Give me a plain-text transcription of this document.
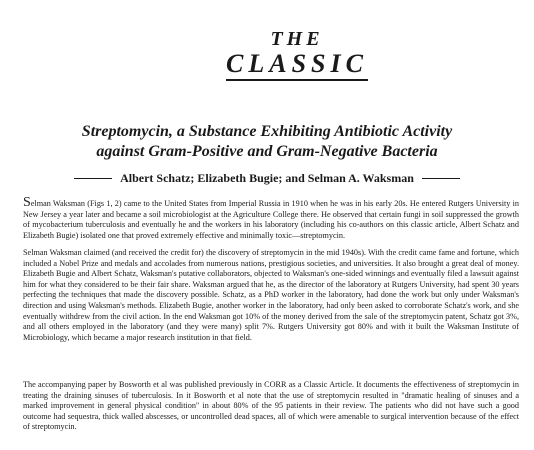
THE
CLASSIC
Streptomycin, a Substance Exhibiting Antibiotic Activity
against Gram-Positive and Gram-Negative Bacteria
Albert Schatz; Elizabeth Bugie; and Selman A. Waksman

Selman Waksman (Figs 1, 2) came to the United States from Imperial Russia in 1910 when he was in his early 20s. He entered Rutgers University in New Jersey a year later and became a soil microbiologist at the Agriculture College there. He observed that certain fungi in soil suppressed the growth of mycobacterium tuberculosis and eventually he and the workers in his laboratory (including his co-authors on this classic article, Albert Schatz and Elizabeth Bugie) isolated one that proved extremely effective and minimally toxic—streptomycin.

Selman Waksman claimed (and received the credit for) the discovery of streptomycin in the mid 1940s). With the credit came fame and fortune, which included a Nobel Prize and medals and accolades from numerous nations, prestigious societies, and universities. It also brought a great deal of money. Elizabeth Bugie and Albert Schatz, Waksman's putative collaborators, objected to Waksman's one-sided winnings and eventually filed a lawsuit against him for what they considered to be their fair share. Waksman argued that he, as the director of the laboratory at Rutgers University, had spent 30 years perfecting the techniques that made the discovery possible. Schatz, as a PhD worker in the laboratory, had done the work but only under Waksman's direction and using Waksman's methods. Elizabeth Bugie, another worker in the laboratory, had only been asked to corroborate Schatz's work, and she eventually withdrew from the civil action. In the end Waksman got 10% of the money derived from the sale of the streptomycin patent, Schatz got 3%, and all others employed in the laboratory (and they were many) split 7%. Rutgers University got 80% and with it built the Waksman Institute of Microbiology, which became a major research institution in that field.

The accompanying paper by Bosworth et al was published previously in CORR as a Classic Article. It documents the effectiveness of streptomycin in treating the draining sinuses of tuberculosis. In it Bosworth et al note that the use of streptomycin resulted in "dramatic healing of sinuses and a marked improvement in general physical condition" in about 80% of the 95 patients in their review. The patients who did not have such a good outcome had sequestra, thick walled abscesses, or uncontrolled dead spaces, all of which were amenable to surgical intervention because of the effect of streptomycin.
